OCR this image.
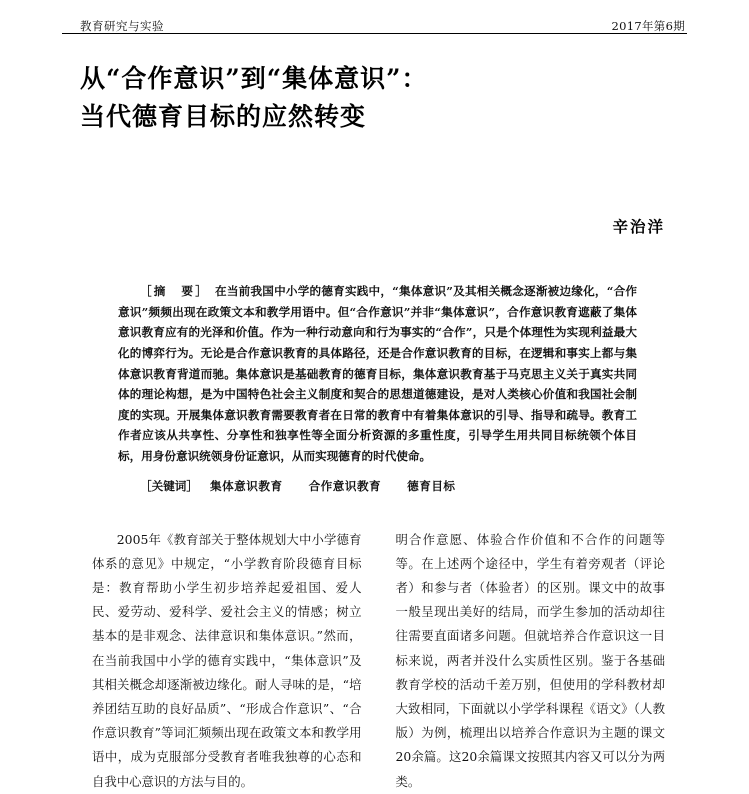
教育研究与实验	2017年第6期
从“合作意识”到“集体意识”：
当代德育目标的应然转变
辛治洋
［摘　要］ 在当前我国中小学的德育实践中，“集体意识”及其相关概念逐渐被边缘化，“合作意识”频频出现在政策文本和教学用语中。但“合作意识”并非“集体意识”，合作意识教育遮蔽了集体意识教育应有的光泽和价值。作为一种行动意向和行为事实的“合作”，只是个体理性为实现利益最大化的博弈行为。无论是合作意识教育的具体路径，还是合作意识教育的目标，在逻辑和事实上都与集体意识教育背道而驰。集体意识是基础教育的德育目标，集体意识教育基于马克思主义关于真实共同体的理论构想，是为中国特色社会主义制度和契合的思想道德建设，是对人类核心价值和我国社会制度的实现。开展集体意识教育需要教育者在日常的教育中有着集体意识的引导、指导和疏导。教育工作者应该从共享性、分享性和独享性等全面分析资源的多重性度，引导学生用共同目标统领个体目标，用身份意识统领身份证意识，从而实现德育的时代使命。
［关键词］ 集体意识教育 合作意识教育 德育目标

2005年《教育部关于整体规划大中小学德育体系的意见》中规定，“小学教育阶段德育目标是：教育帮助小学生初步培养起爱祖国、爱人民、爱劳动、爱科学、爱社会主义的情感；树立基本的是非观念、法律意识和集体意识。”然而，在当前我国中小学的德育实践中，“集体意识”及其相关概念却逐渐被边缘化。耐人寻味的是，“培养团结互助的良好品质”、“形成合作意识”、“合作意识教育”等词汇频频出现在政策文本和教学用语中，成为克服部分受教育者唯我独尊的心态和自我中心意识的方法与目的。

明合作意愿、体验合作价值和不合作的问题等等。在上述两个途径中，学生有着旁观者（评论者）和参与者（体验者）的区别。课文中的故事一般呈现出美好的结局，而学生参加的活动却往往需要直面诸多问题。但就培养合作意识这一目标来说，两者并没什么实质性区别。鉴于各基础教育学校的活动千差万别，但使用的学科教材却大致相同，下面就以小学学科课程《语文》（人教版）为例，梳理出以培养合作意识为主题的课文20余篇。这20余篇课文按照其内容又可以分为两类。
